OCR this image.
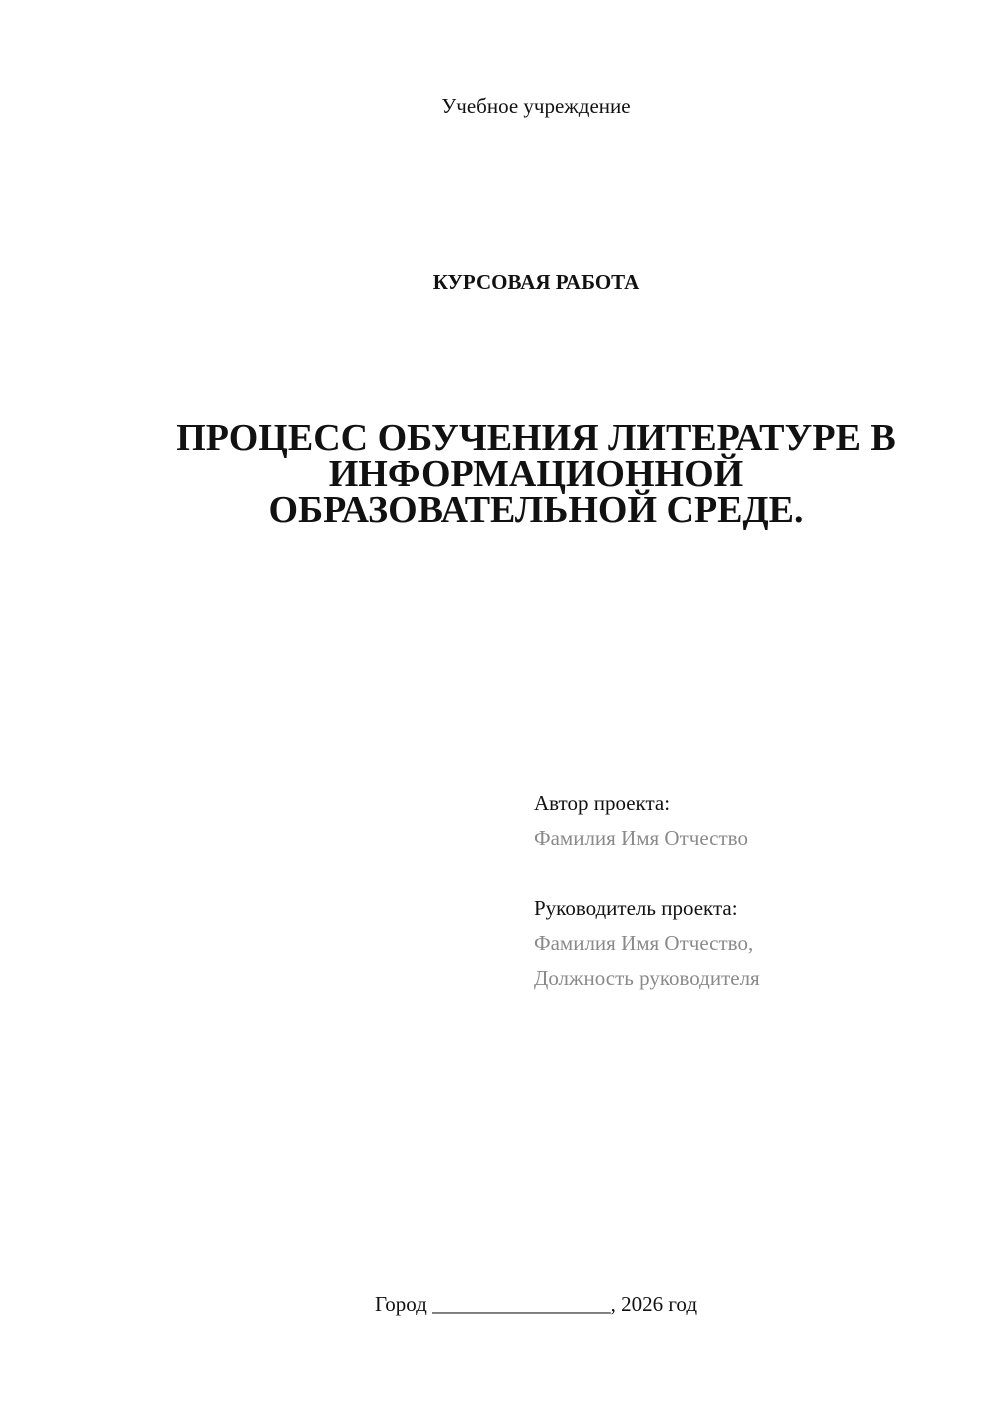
Учебное учреждение
КУРСОВАЯ РАБОТА
ПРОЦЕСС ОБУЧЕНИЯ ЛИТЕРАТУРЕ В
ИНФОРМАЦИОННОЙ
ОБРАЗОВАТЕЛЬНОЙ СРЕДЕ.
Автор проекта:
Фамилия Имя Отчество
Руководитель проекта:
Фамилия Имя Отчество,
Должность руководителя
Город _________________, 2026 год
